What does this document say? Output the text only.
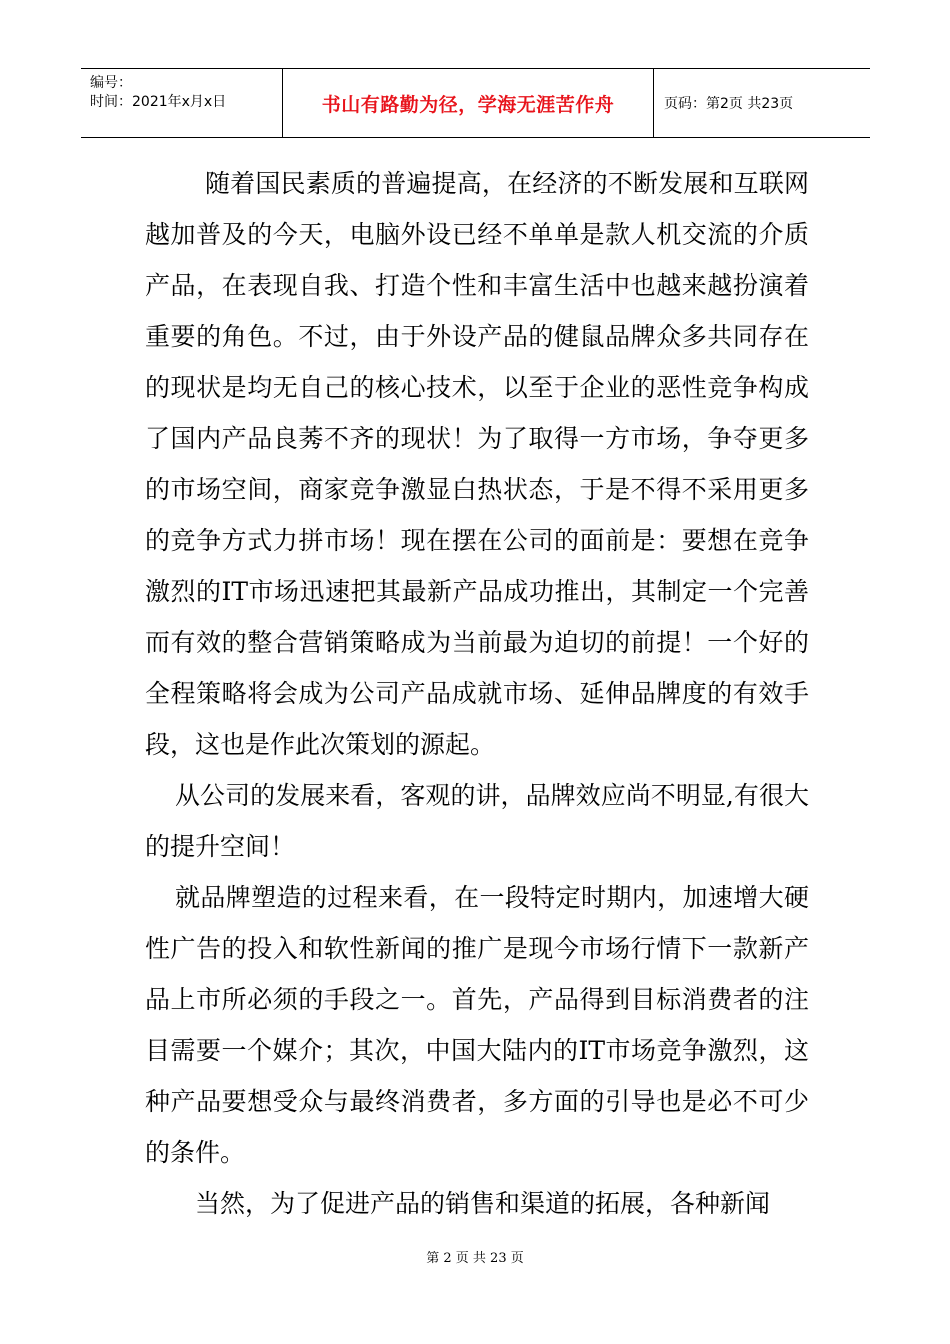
编号：
时间：2021年x月x日	书山有路勤为径，学海无涯苦作舟	页码：第2页 共23页

随着国民素质的普遍提高，在经济的不断发展和互联网越加普及的今天，电脑外设已经不单单是款人机交流的介质产品，在表现自我、打造个性和丰富生活中也越来越扮演着重要的角色。不过，由于外设产品的健鼠品牌众多共同存在的现状是均无自己的核心技术，以至于企业的恶性竞争构成了国内产品良莠不齐的现状！为了取得一方市场，争夺更多的市场空间，商家竞争激显白热状态，于是不得不采用更多的竞争方式力拼市场！现在摆在公司的面前是：要想在竞争激烈的IT市场迅速把其最新产品成功推出，其制定一个完善而有效的整合营销策略成为当前最为迫切的前提！一个好的全程策略将会成为公司产品成就市场、延伸品牌度的有效手段，这也是作此次策划的源起。

从公司的发展来看，客观的讲，品牌效应尚不明显,有很大的提升空间！

就品牌塑造的过程来看，在一段特定时期内，加速增大硬性广告的投入和软性新闻的推广是现今市场行情下一款新产品上市所必须的手段之一。首先，产品得到目标消费者的注目需要一个媒介；其次，中国大陆内的IT市场竞争激烈，这种产品要想受众与最终消费者，多方面的引导也是必不可少的条件。

当然，为了促进产品的销售和渠道的拓展，各种新闻

第 2 页 共 23 页
